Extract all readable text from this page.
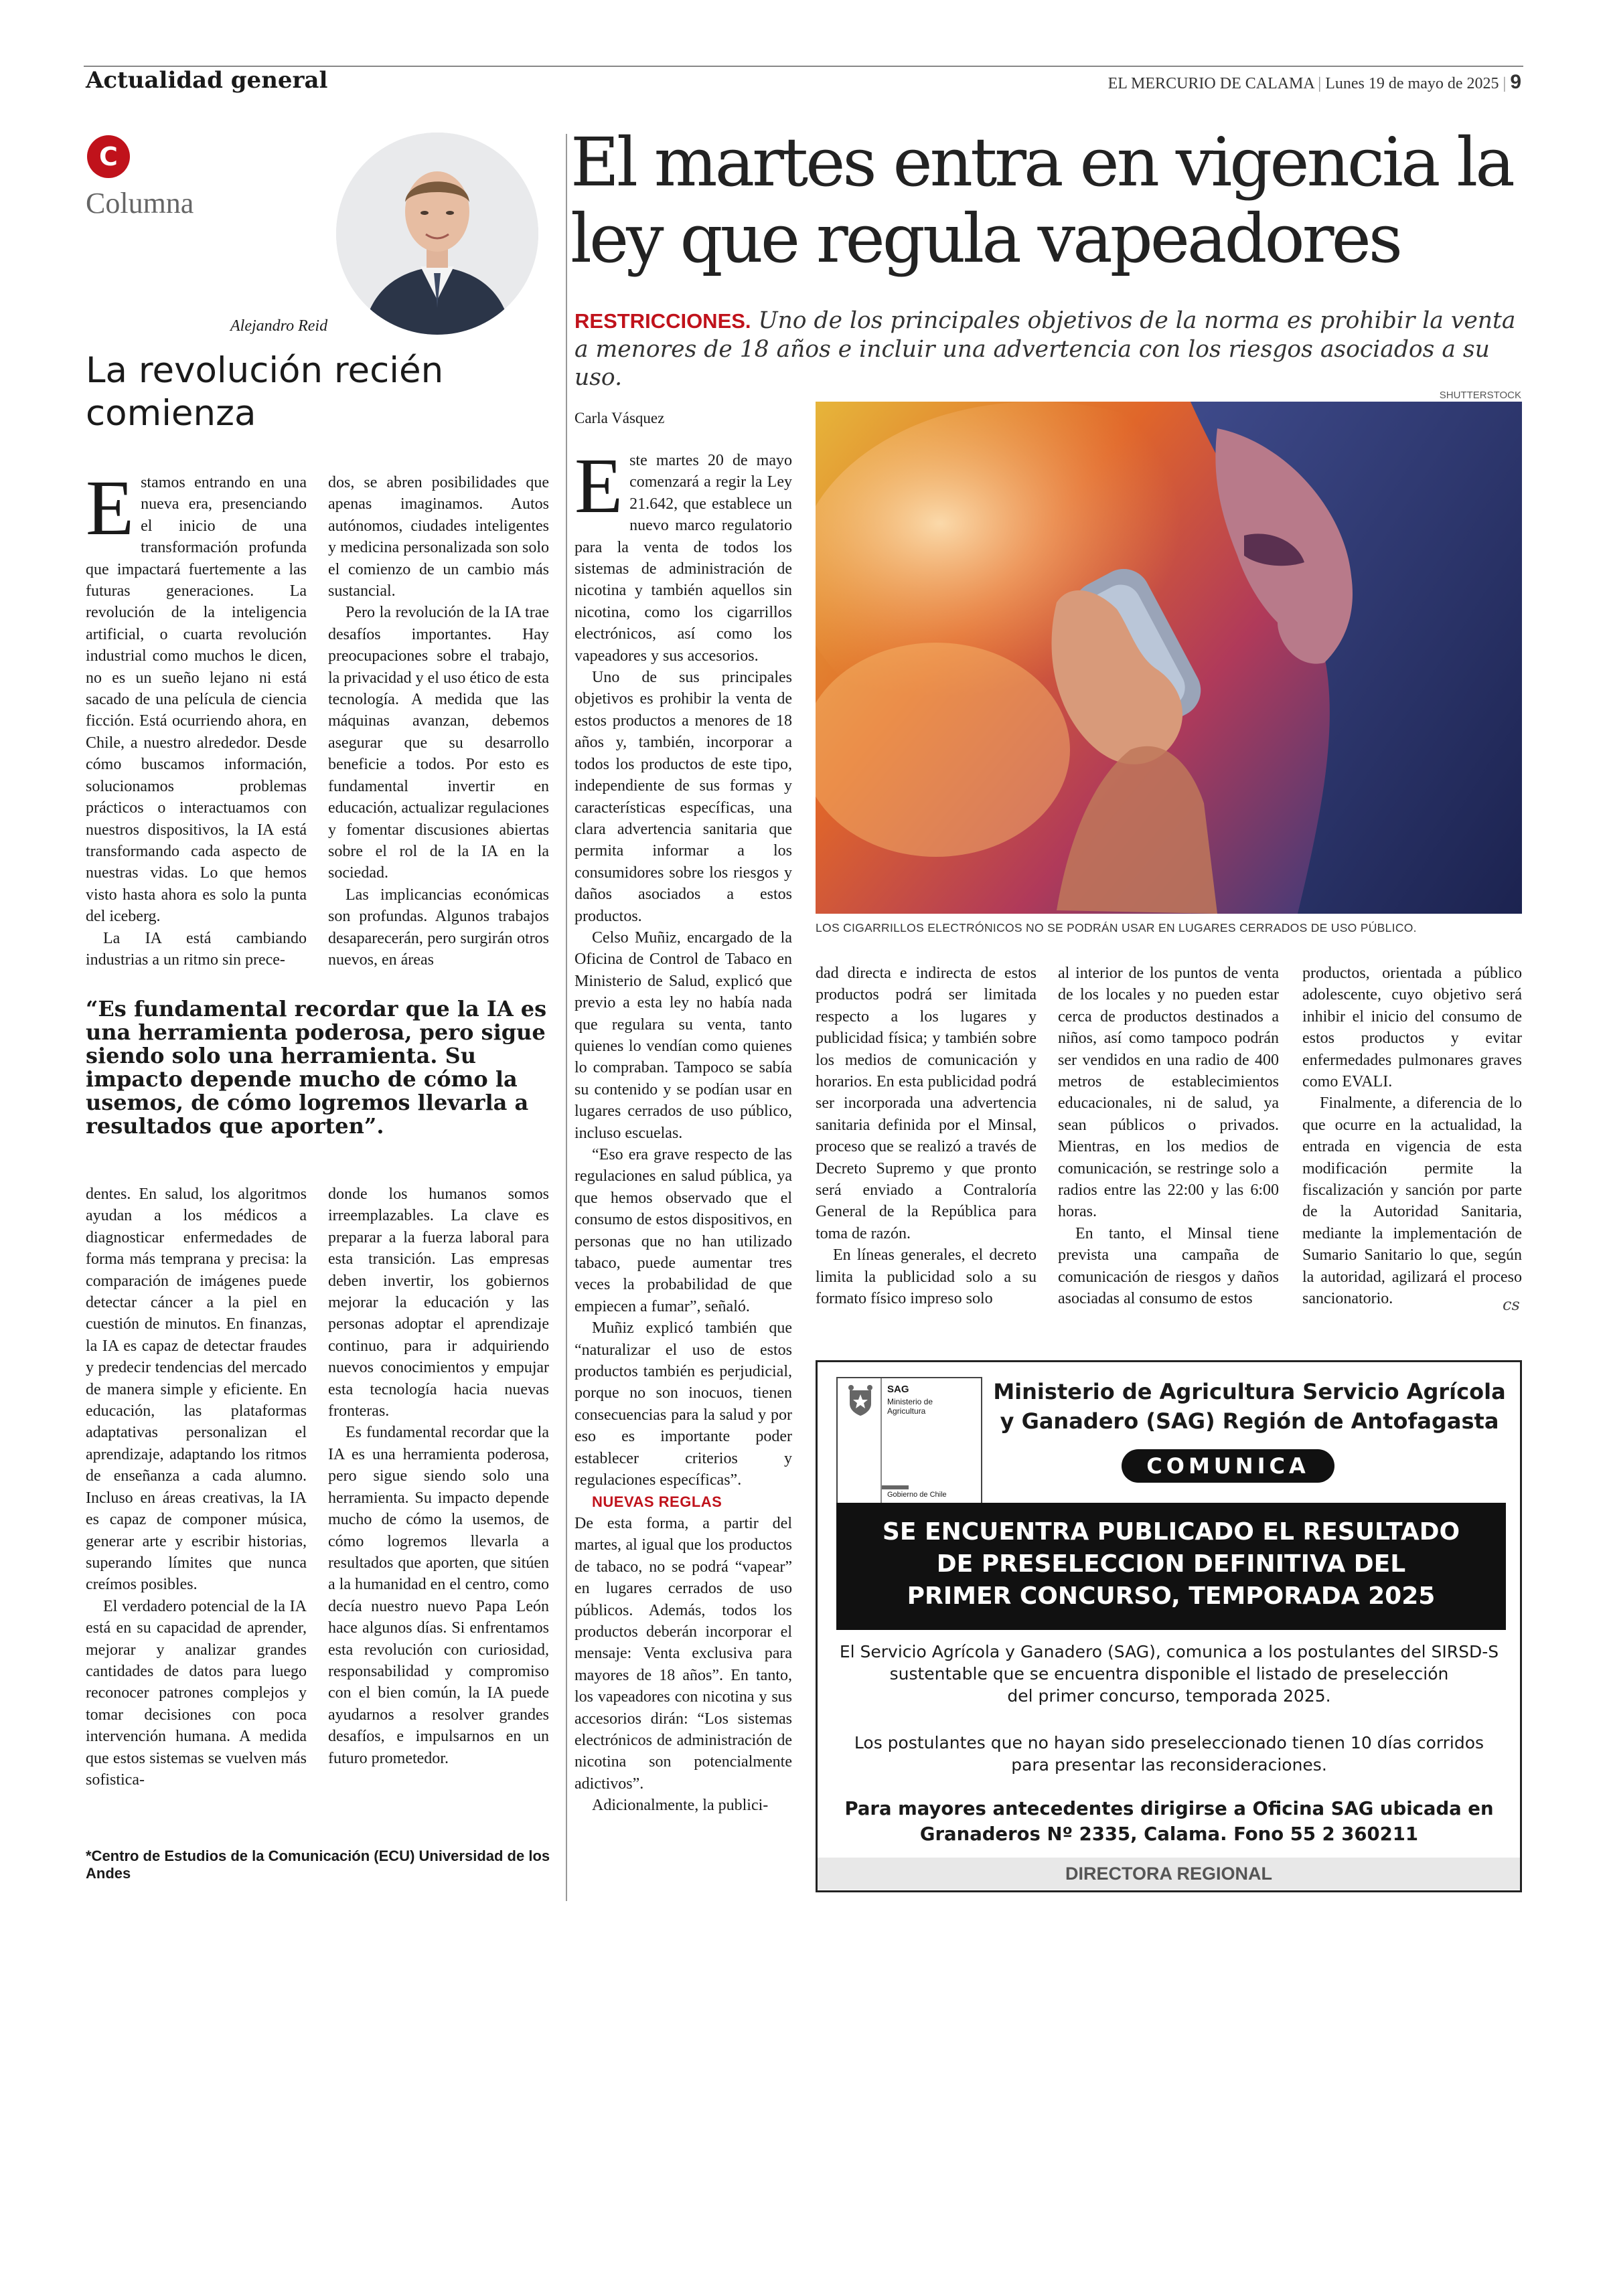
Actualidad general	EL MERCURIO DE CALAMA | Lunes 19 de mayo de 2025 | 9
C
Columna
Alejandro Reid
La revolución recién
comienza
E stamos entrando en una nueva era, presenciando el inicio de una transformación profunda que impactará fuertemente a las futuras generaciones. La revolución de la inteligencia artificial, o cuarta revolución industrial como muchos le dicen, no es un sueño lejano ni está sacado de una película de ciencia ficción. Está ocurriendo ahora, en Chile, a nuestro alrededor. Desde cómo buscamos información, solucionamos problemas prácticos o interactuamos con nuestros dispositivos, la IA está transformando cada aspecto de nuestras vidas. Lo que hemos visto hasta ahora es solo la punta del iceberg.

La IA está cambiando industrias a un ritmo sin prece-

dos, se abren posibilidades que apenas imaginamos. Autos autónomos, ciudades inteligentes y medicina personalizada son solo el comienzo de un cambio más sustancial.

Pero la revolución de la IA trae desafíos importantes. Hay preocupaciones sobre el trabajo, la privacidad y el uso ético de esta tecnología. A medida que las máquinas avanzan, debemos asegurar que su desarrollo beneficie a todos. Por esto es fundamental invertir en educación, actualizar regulaciones y fomentar discusiones abiertas sobre el rol de la IA en la sociedad.

Las implicancias económicas son profundas. Algunos trabajos desaparecerán, pero surgirán otros nuevos, en áreas

“Es fundamental recordar que la IA es una herramienta poderosa, pero sigue siendo solo una herramienta. Su impacto depende mucho de cómo la usemos, de cómo logremos llevarla a resultados que aporten”.

dentes. En salud, los algoritmos ayudan a los médicos a diagnosticar enfermedades de forma más temprana y precisa: la comparación de imágenes puede detectar cáncer a la piel en cuestión de minutos. En finanzas, la IA es capaz de detectar fraudes y predecir tendencias del mercado de manera simple y eficiente. En educación, las plataformas adaptativas personalizan el aprendizaje, adaptando los ritmos de enseñanza a cada alumno. Incluso en áreas creativas, la IA es capaz de componer música, generar arte y escribir historias, superando límites que nunca creímos posibles.

El verdadero potencial de la IA está en su capacidad de aprender, mejorar y analizar grandes cantidades de datos para luego reconocer patrones complejos y tomar decisiones con poca intervención humana. A medida que estos sistemas se vuelven más sofistica-

donde los humanos somos irreemplazables. La clave es preparar a la fuerza laboral para esta transición. Las empresas deben invertir, los gobiernos mejorar la educación y las personas adoptar el aprendizaje continuo, para ir adquiriendo nuevos conocimientos y empujar esta tecnología hacia nuevas fronteras.

Es fundamental recordar que la IA es una herramienta poderosa, pero sigue siendo solo una herramienta. Su impacto depende mucho de cómo la usemos, de cómo logremos llevarla a resultados que aporten, que sitúen a la humanidad en el centro, como decía nuestro nuevo Papa León hace algunos días. Si enfrentamos esta revolución con curiosidad, responsabilidad y compromiso con el bien común, la IA puede ayudarnos a resolver grandes desafíos, e impulsarnos en un futuro prometedor.

*Centro de Estudios de la Comunicación (ECU) Universidad de los Andes
El martes entra en vigencia la
ley que regula vapeadores
RESTRICCIONES. Uno de los principales objetivos de la norma es prohibir la venta a menores de 18 años e incluir una advertencia con los riesgos asociados a su uso.
SHUTTERSTOCK
Carla Vásquez
LOS CIGARRILLOS ELECTRÓNICOS NO SE PODRÁN USAR EN LUGARES CERRADOS DE USO PÚBLICO.
E ste martes 20 de mayo comenzará a regir la Ley 21.642, que establece un nuevo marco regulatorio para la venta de todos los sistemas de administración de nicotina y también aquellos sin nicotina, como los cigarrillos electrónicos, así como los vapeadores y sus accesorios.

Uno de sus principales objetivos es prohibir la venta de estos productos a menores de 18 años y, también, incorporar a todos los productos de este tipo, independiente de sus formas y características específicas, una clara advertencia sanitaria que permita informar a los consumidores sobre los riesgos y daños asociados a estos productos.

Celso Muñiz, encargado de la Oficina de Control de Tabaco en Ministerio de Salud, explicó que previo a esta ley no había nada que regulara su venta, tanto quienes lo vendían como quienes lo compraban. Tampoco se sabía su contenido y se podían usar en lugares cerrados de uso público, incluso escuelas.

“Eso era grave respecto de las regulaciones en salud pública, ya que hemos observado que el consumo de estos dispositivos, en personas que no han utilizado tabaco, puede aumentar tres veces la probabilidad de que empiecen a fumar”, señaló.

Muñiz explicó también que “naturalizar el uso de estos productos también es perjudicial, porque no son inocuos, tienen consecuencias para la salud y por eso es importante poder establecer criterios y regulaciones específicas”.

NUEVAS REGLAS

De esta forma, a partir del martes, al igual que los productos de tabaco, no se podrá “vapear” en lugares cerrados de uso públicos. Además, todos los productos deberán incorporar el mensaje: Venta exclusiva para mayores de 18 años”. En tanto, los vapeadores con nicotina y sus accesorios dirán: “Los sistemas electrónicos de administración de nicotina son potencialmente adictivos”.

Adicionalmente, la publici-

dad directa e indirecta de estos productos podrá ser limitada respecto a los lugares y publicidad física; y también sobre los medios de comunicación y horarios. En esta publicidad podrá ser incorporada una advertencia sanitaria definida por el Minsal, proceso que se realizó a través de Decreto Supremo y que pronto será enviado a Contraloría General de la República para toma de razón.

En líneas generales, el decreto limita la publicidad solo a su formato físico impreso solo

al interior de los puntos de venta de los locales y no pueden estar cerca de productos destinados a niños, así como tampoco podrán ser vendidos en una radio de 400 metros de establecimientos educacionales, ni de salud, ya sean públicos o privados. Mientras, en los medios de comunicación, se restringe solo a radios entre las 22:00 y las 6:00 horas.

En tanto, el Minsal tiene prevista una campaña de comunicación de riesgos y daños asociadas al consumo de estos

productos, orientada a público adolescente, cuyo objetivo será inhibir el inicio del consumo de estos productos y evitar enfermedades pulmonares graves como EVALI.

Finalmente, a diferencia de lo que ocurre en la actualidad, la entrada en vigencia de esta modificación permite la fiscalización y sanción por parte de la Autoridad Sanitaria, mediante la implementación de Sumario Sanitario lo que, según la autoridad, agilizará el proceso sancionatorio.	cs
SAG
Ministerio de
Agricultura
Gobierno de Chile
Ministerio de Agricultura Servicio Agrícola
y Ganadero (SAG) Región de Antofagasta
COMUNICA
SE ENCUENTRA PUBLICADO EL RESULTADO
DE PRESELECCION DEFINITIVA DEL
PRIMER CONCURSO, TEMPORADA 2025
El Servicio Agrícola y Ganadero (SAG), comunica a los postulantes del SIRSD-S
sustentable que se encuentra disponible el listado de preselección
del primer concurso, temporada 2025.
Los postulantes que no hayan sido preseleccionado tienen 10 días corridos
para presentar las reconsideraciones.
Para mayores antecedentes dirigirse a Oficina SAG ubicada en
Granaderos Nº 2335, Calama. Fono 55 2 360211
DIRECTORA REGIONAL
